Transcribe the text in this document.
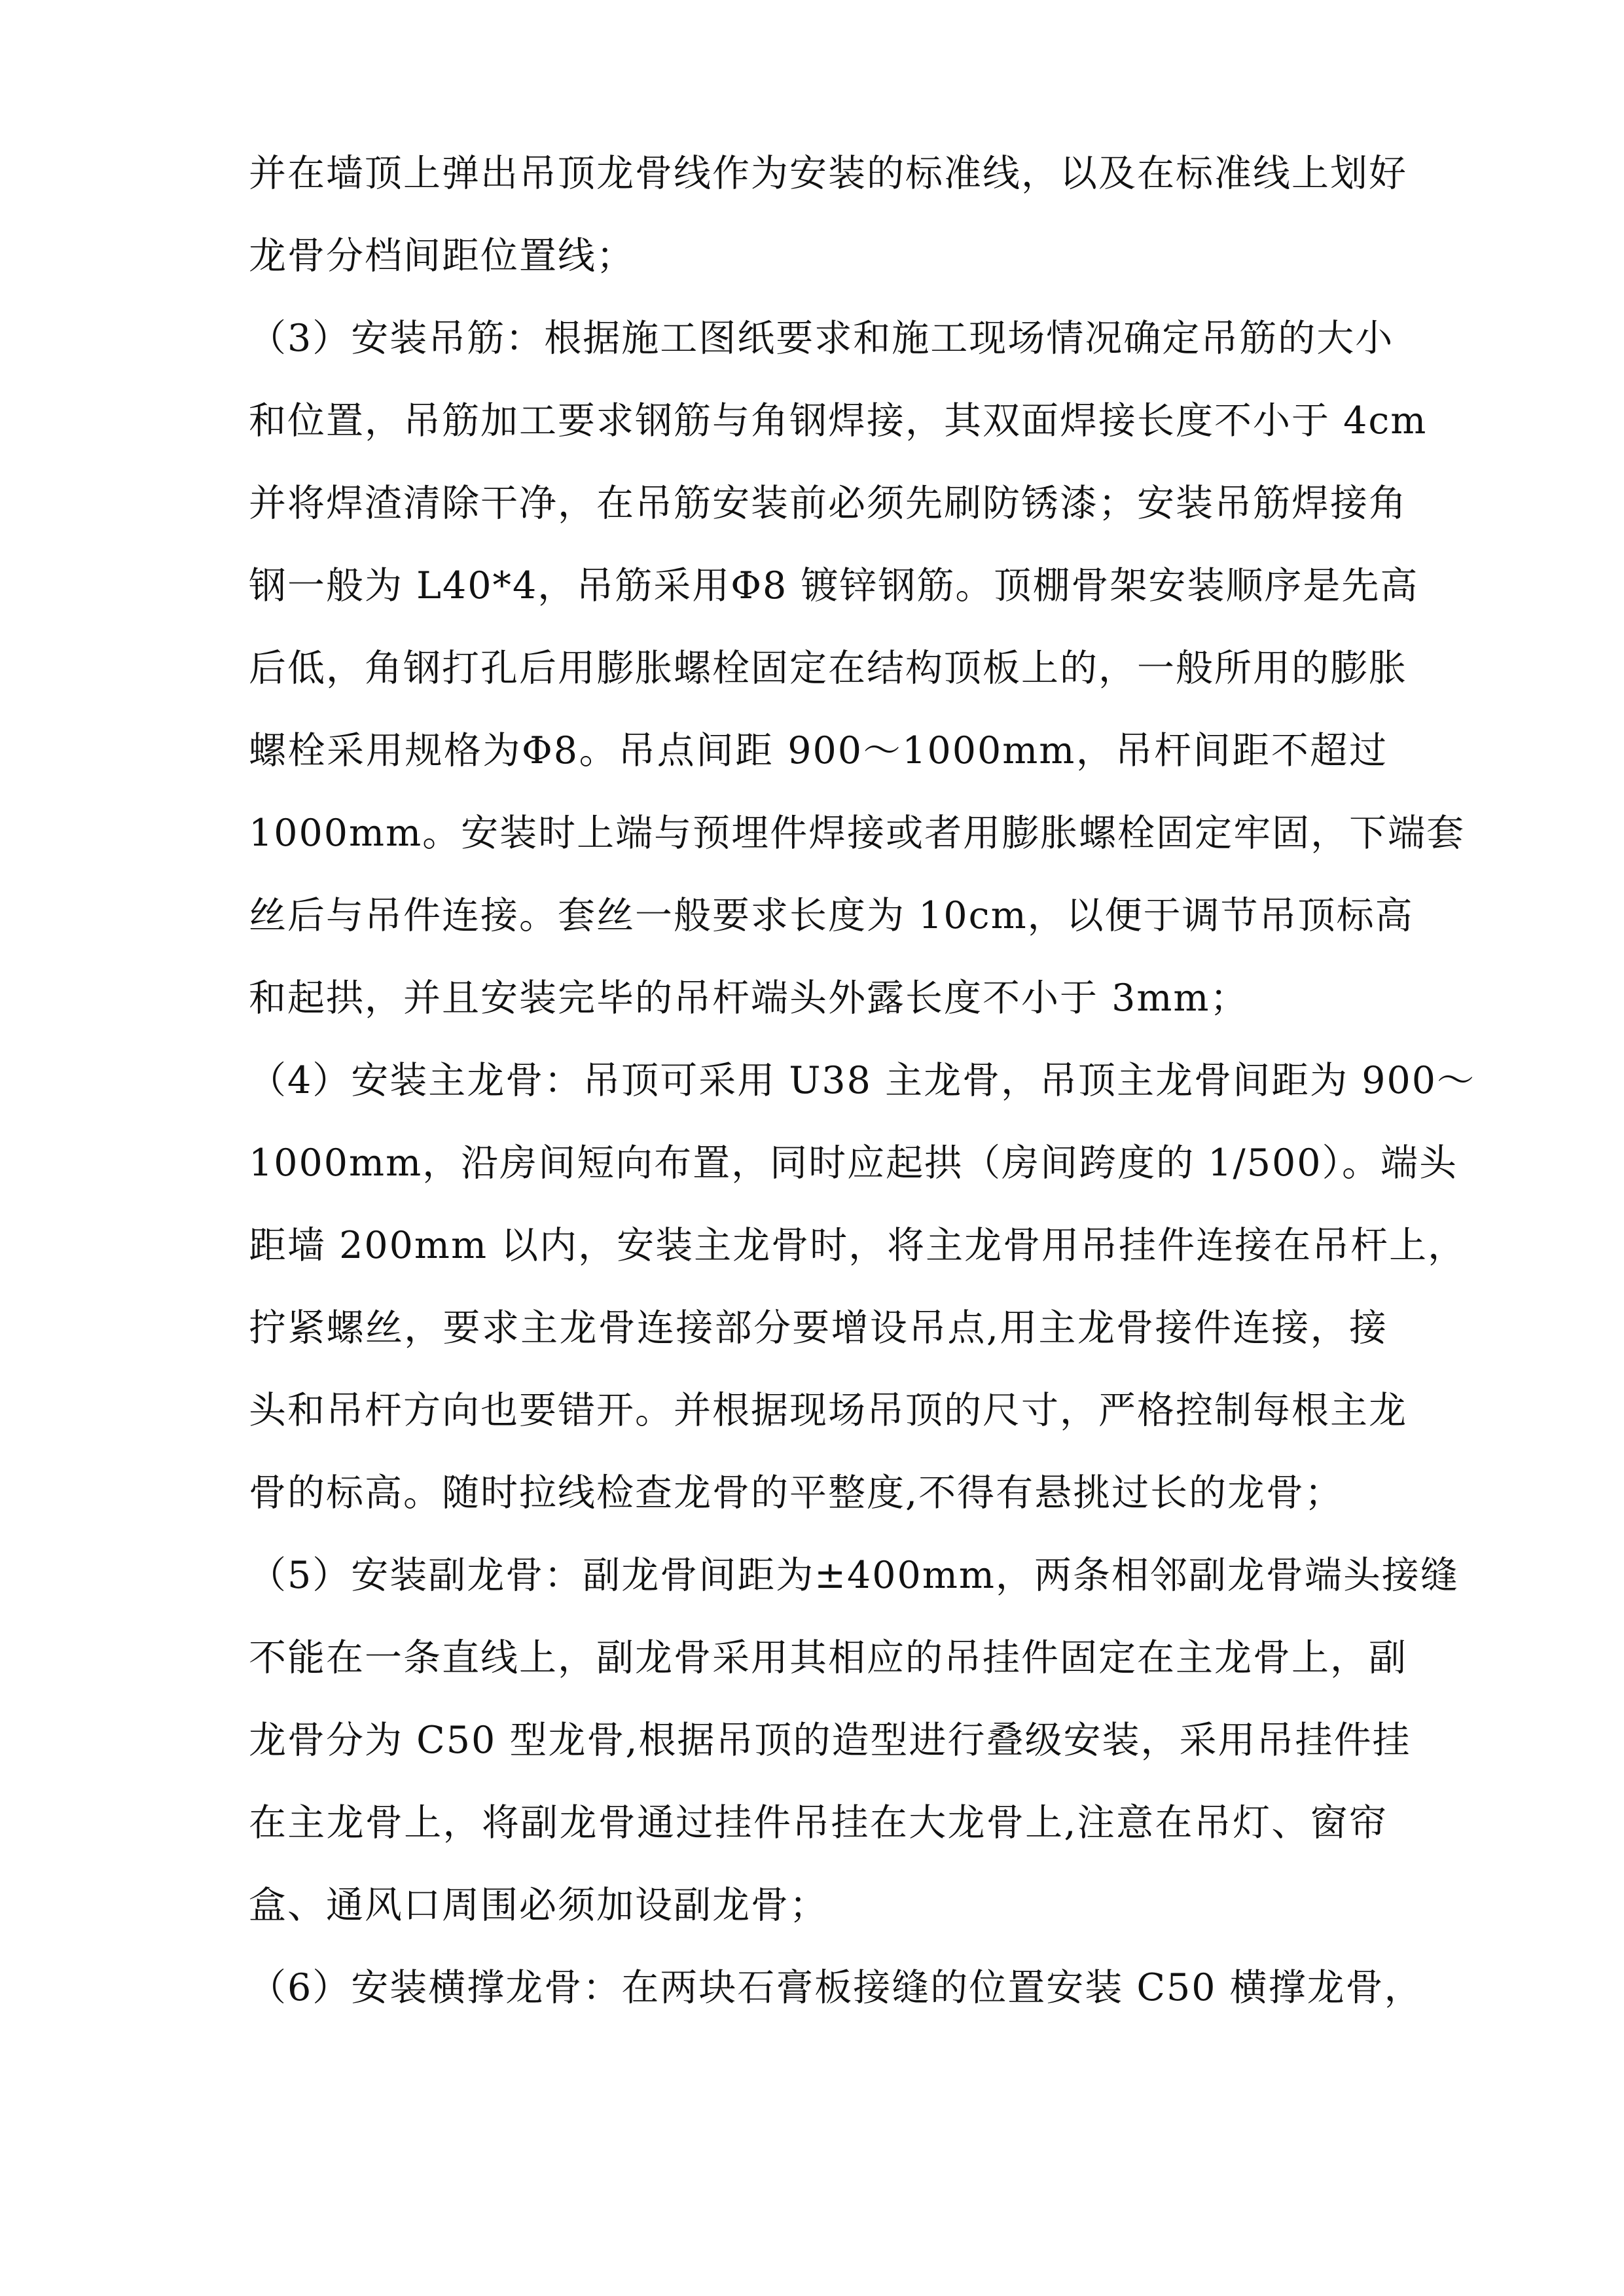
并在墙顶上弹出吊顶龙骨线作为安装的标准线，以及在标准线上划好
龙骨分档间距位置线；
（3）安装吊筋：根据施工图纸要求和施工现场情况确定吊筋的大小
和位置，吊筋加工要求钢筋与角钢焊接，其双面焊接长度不小于 4cm
并将焊渣清除干净，在吊筋安装前必须先刷防锈漆；安装吊筋焊接角
钢一般为 L40*4，吊筋采用Φ8 镀锌钢筋。顶棚骨架安装顺序是先高
后低，角钢打孔后用膨胀螺栓固定在结构顶板上的，一般所用的膨胀
螺栓采用规格为Φ8。吊点间距 900～1000mm，吊杆间距不超过
1000mm。安装时上端与预埋件焊接或者用膨胀螺栓固定牢固，下端套
丝后与吊件连接。套丝一般要求长度为 10cm，以便于调节吊顶标高
和起拱，并且安装完毕的吊杆端头外露长度不小于 3mm；
（4）安装主龙骨：吊顶可采用 U38 主龙骨，吊顶主龙骨间距为 900～
1000mm，沿房间短向布置，同时应起拱（房间跨度的 1/500）。端头
距墙 200mm 以内，安装主龙骨时，将主龙骨用吊挂件连接在吊杆上，
拧紧螺丝，要求主龙骨连接部分要增设吊点,用主龙骨接件连接，接
头和吊杆方向也要错开。并根据现场吊顶的尺寸，严格控制每根主龙
骨的标高。随时拉线检查龙骨的平整度,不得有悬挑过长的龙骨；
（5）安装副龙骨：副龙骨间距为±400mm，两条相邻副龙骨端头接缝
不能在一条直线上，副龙骨采用其相应的吊挂件固定在主龙骨上，副
龙骨分为 C50 型龙骨,根据吊顶的造型进行叠级安装，采用吊挂件挂
在主龙骨上，将副龙骨通过挂件吊挂在大龙骨上,注意在吊灯、窗帘
盒、通风口周围必须加设副龙骨；
（6）安装横撑龙骨：在两块石膏板接缝的位置安装 C50 横撑龙骨，
